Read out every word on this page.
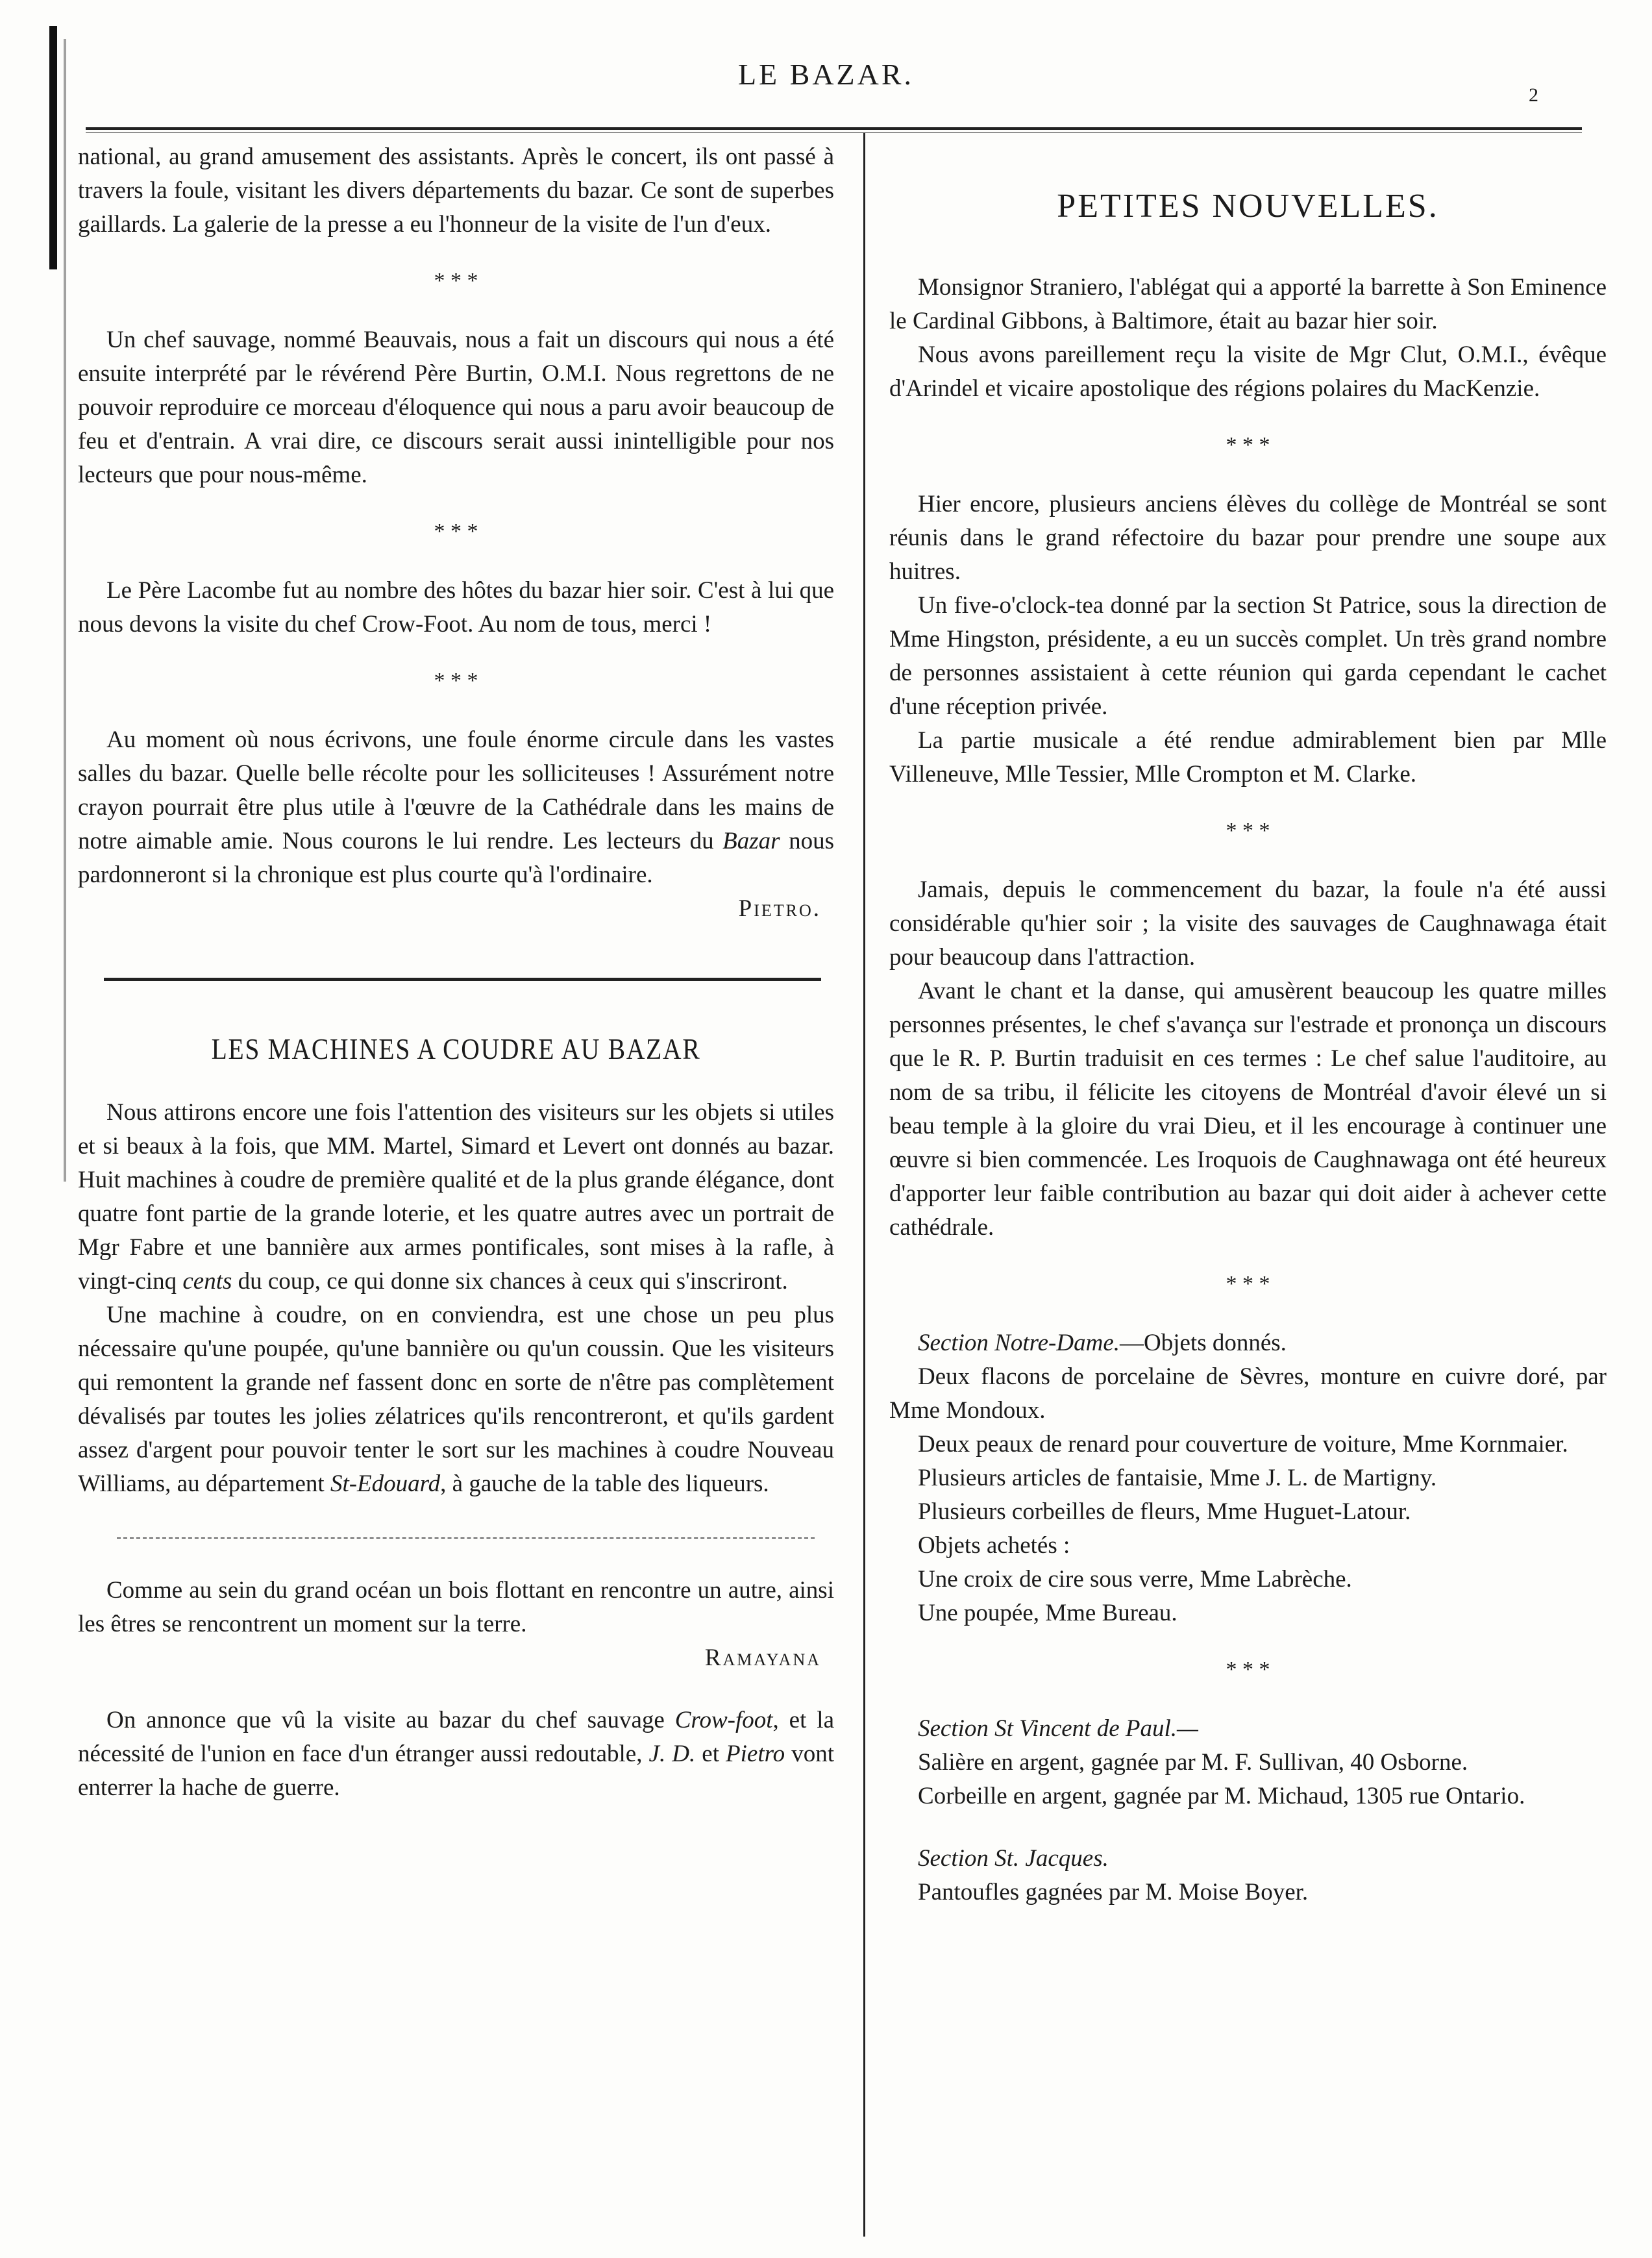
LE BAZAR.
2

national, au grand amusement des assistants. Après le concert, ils ont passé à travers la foule, visitant les divers départements du bazar. Ce sont de superbes gaillards. La galerie de la presse a eu l'honneur de la visite de l'un d'eux.

* * *

Un chef sauvage, nommé Beauvais, nous a fait un discours qui nous a été ensuite interprété par le révérend Père Burtin, O.M.I. Nous regrettons de ne pouvoir reproduire ce morceau d'éloquence qui nous a paru avoir beaucoup de feu et d'entrain. A vrai dire, ce discours serait aussi inintelligible pour nos lecteurs que pour nous-même.

* * *

Le Père Lacombe fut au nombre des hôtes du bazar hier soir. C'est à lui que nous devons la visite du chef Crow-Foot. Au nom de tous, merci !

* * *

Au moment où nous écrivons, une foule énorme circule dans les vastes salles du bazar. Quelle belle récolte pour les solliciteuses ! Assurément notre crayon pourrait être plus utile à l'œuvre de la Cathédrale dans les mains de notre aimable amie. Nous courons le lui rendre. Les lecteurs du Bazar nous pardonneront si la chronique est plus courte qu'à l'ordinaire.

Pietro.

LES MACHINES A COUDRE AU BAZAR

Nous attirons encore une fois l'attention des visiteurs sur les objets si utiles et si beaux à la fois, que MM. Martel, Simard et Levert ont donnés au bazar. Huit machines à coudre de première qualité et de la plus grande élégance, dont quatre font partie de la grande loterie, et les quatre autres avec un portrait de Mgr Fabre et une bannière aux armes pontificales, sont mises à la rafle, à vingt-cinq cents du coup, ce qui donne six chances à ceux qui s'inscriront.

Une machine à coudre, on en conviendra, est une chose un peu plus nécessaire qu'une poupée, qu'une bannière ou qu'un coussin. Que les visiteurs qui remontent la grande nef fassent donc en sorte de n'être pas complètement dévalisés par toutes les jolies zélatrices qu'ils rencontreront, et qu'ils gardent assez d'argent pour pouvoir tenter le sort sur les machines à coudre Nouveau Williams, au département St-Edouard, à gauche de la table des liqueurs.

Comme au sein du grand océan un bois flottant en rencontre un autre, ainsi les êtres se rencontrent un moment sur la terre.

Ramayana

On annonce que vû la visite au bazar du chef sauvage Crow-foot, et la nécessité de l'union en face d'un étranger aussi redoutable, J. D. et Pietro vont enterrer la hache de guerre.

PETITES NOUVELLES.

Monsignor Straniero, l'ablégat qui a apporté la barrette à Son Eminence le Cardinal Gibbons, à Baltimore, était au bazar hier soir.

Nous avons pareillement reçu la visite de Mgr Clut, O.M.I., évêque d'Arindel et vicaire apostolique des régions polaires du MacKenzie.

* * *

Hier encore, plusieurs anciens élèves du collège de Montréal se sont réunis dans le grand réfectoire du bazar pour prendre une soupe aux huitres.

Un five-o'clock-tea donné par la section St Patrice, sous la direction de Mme Hingston, présidente, a eu un succès complet. Un très grand nombre de personnes assistaient à cette réunion qui garda cependant le cachet d'une réception privée.

La partie musicale a été rendue admirablement bien par Mlle Villeneuve, Mlle Tessier, Mlle Crompton et M. Clarke.

* * *

Jamais, depuis le commencement du bazar, la foule n'a été aussi considérable qu'hier soir ; la visite des sauvages de Caughnawaga était pour beaucoup dans l'attraction.

Avant le chant et la danse, qui amusèrent beaucoup les quatre milles personnes présentes, le chef s'avança sur l'estrade et prononça un discours que le R. P. Burtin traduisit en ces termes : Le chef salue l'auditoire, au nom de sa tribu, il félicite les citoyens de Montréal d'avoir élevé un si beau temple à la gloire du vrai Dieu, et il les encourage à continuer une œuvre si bien commencée. Les Iroquois de Caughnawaga ont été heureux d'apporter leur faible contribution au bazar qui doit aider à achever cette cathédrale.

* * *

Section Notre-Dame.—Objets donnés.

Deux flacons de porcelaine de Sèvres, monture en cuivre doré, par Mme Mondoux.

Deux peaux de renard pour couverture de voiture, Mme Kornmaier.

Plusieurs articles de fantaisie, Mme J. L. de Martigny.

Plusieurs corbeilles de fleurs, Mme Huguet-Latour.

Objets achetés :

Une croix de cire sous verre, Mme Labrèche.

Une poupée, Mme Bureau.

* * *

Section St Vincent de Paul.—

Salière en argent, gagnée par M. F. Sullivan, 40 Osborne.

Corbeille en argent, gagnée par M. Michaud, 1305 rue Ontario.

Section St. Jacques.

Pantoufles gagnées par M. Moise Boyer.
